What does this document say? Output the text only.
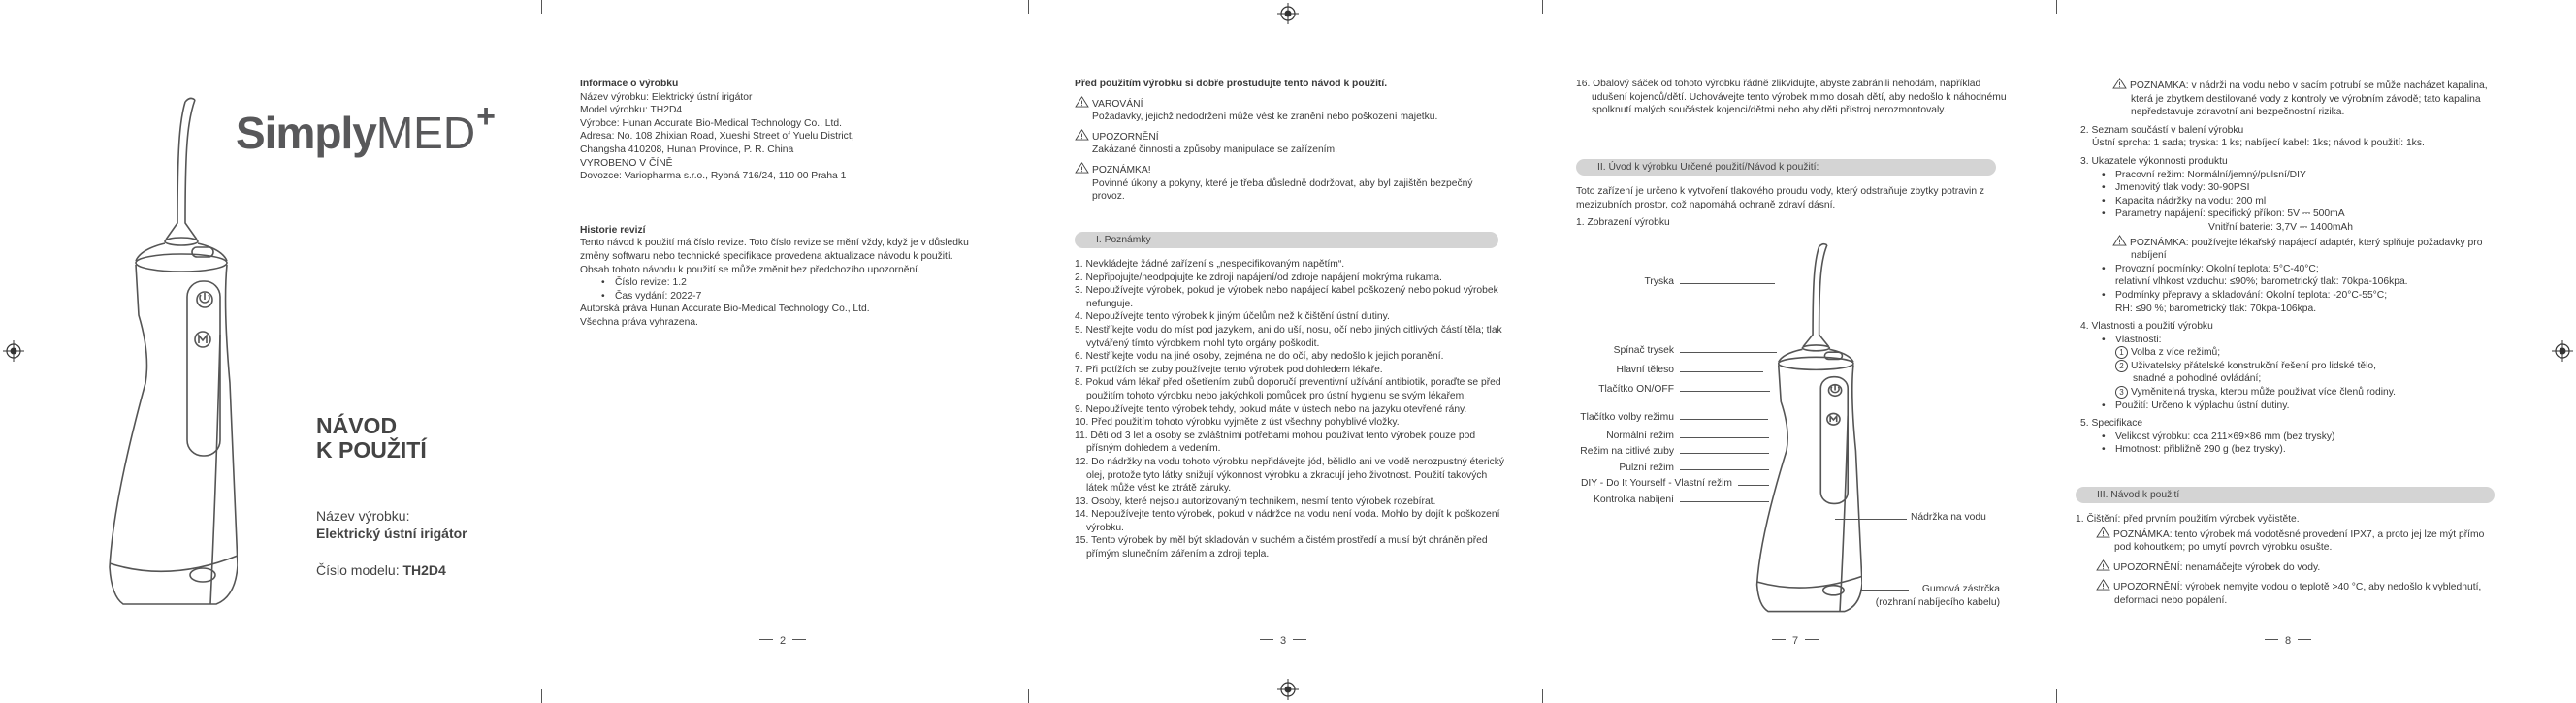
SimplyMED+
NÁVOD
K POUŽITÍ
Název výrobku:
Elektrický ústní irigátor
Číslo modelu: TH2D4
2
Informace o výrobku
Název výrobku: Elektrický ústní irigátor
Model výrobku: TH2D4
Výrobce: Hunan Accurate Bio-Medical Technology Co., Ltd.
Adresa: No. 108 Zhixian Road, Xueshi Street of Yuelu District,
Changsha 410208, Hunan Province, P. R. China
VYROBENO V ČÍNĚ
Dovozce: Variopharma s.r.o., Rybná 716/24, 110 00 Praha 1
Historie revizí
Tento návod k použití má číslo revize. Toto číslo revize se mění vždy, když je v důsledku změny softwaru nebo technické specifikace provedena aktualizace návodu k použití.
Obsah tohoto návodu k použití se může změnit bez předchozího upozornění.
• Číslo revize: 1.2
• Čas vydání: 2022-7
Autorská práva Hunan Accurate Bio-Medical Technology Co., Ltd.
Všechna práva vyhrazena.
Před použitím výrobku si dobře prostudujte tento návod k použití.
VAROVÁNÍ
Požadavky, jejichž nedodržení může vést ke zranění nebo poškození majetku.
UPOZORNĚNÍ
Zakázané činnosti a způsoby manipulace se zařízením.
POZNÁMKA!
Povinné úkony a pokyny, které je třeba důsledně dodržovat, aby byl zajištěn bezpečný provoz.
I. Poznámky
1. Nevkládejte žádné zařízení s „nespecifikovaným napětím“.
2. Nepřipojujte/neodpojujte ke zdroji napájení/od zdroje napájení mokrýma rukama.
3. Nepoužívejte výrobek, pokud je výrobek nebo napájecí kabel poškozený nebo pokud výrobek nefunguje.
4. Nepoužívejte tento výrobek k jiným účelům než k čištění ústní dutiny.
5. Nestříkejte vodu do míst pod jazykem, ani do uší, nosu, očí nebo jiných citlivých částí těla; tlak vytvářený tímto výrobkem mohl tyto orgány poškodit.
6. Nestříkejte vodu na jiné osoby, zejména ne do očí, aby nedošlo k jejich poranění.
7. Při potížích se zuby používejte tento výrobek pod dohledem lékaře.
8. Pokud vám lékař před ošetřením zubů doporučí preventivní užívání antibiotik, poraďte se před použitím tohoto výrobku nebo jakýchkoli pomůcek pro ústní hygienu se svým lékařem.
9. Nepoužívejte tento výrobek tehdy, pokud máte v ústech nebo na jazyku otevřené rány.
10. Před použitím tohoto výrobku vyjměte z úst všechny pohyblivé vložky.
11. Děti od 3 let a osoby se zvláštními potřebami mohou používat tento výrobek pouze pod přísným dohledem a vedením.
12. Do nádržky na vodu tohoto výrobku nepřidávejte jód, bělidlo ani ve vodě nerozpustný éterický olej, protože tyto látky snižují výkonnost výrobku a zkracují jeho životnost. Použití takových látek může vést ke ztrátě záruky.
13. Osoby, které nejsou autorizovaným technikem, nesmí tento výrobek rozebírat.
14. Nepoužívejte tento výrobek, pokud v nádržce na vodu není voda. Mohlo by dojít k poškození výrobku.
15. Tento výrobek by měl být skladován v suchém a čistém prostředí a musí být chráněn před přímým slunečním zářením a zdroji tepla.
3
16. Obalový sáček od tohoto výrobku řádně zlikvidujte, abyste zabránili nehodám, například udušení kojenců/dětí. Uchovávejte tento výrobek mimo dosah dětí, aby nedošlo k náhodnému spolknutí malých součástek kojenci/dětmi nebo aby děti přístroj nerozmontovaly.
II. Úvod k výrobku Určené použití/Návod k použití:
Toto zařízení je určeno k vytvoření tlakového proudu vody, který odstraňuje zbytky potravin z mezizubních prostor, což napomáhá ochraně zdraví dásní.
1. Zobrazení výrobku
Tryska
Spínač trysek
Hlavní těleso
Tlačítko ON/OFF
Tlačítko volby režimu
Normální režim
Režim na citlivé zuby
Pulzní režim
DIY - Do It Yourself - Vlastní režim
Kontrolka nabíjení
Nádržka na vodu
Gumová zástrčka
(rozhraní nabíjecího kabelu)
7
POZNÁMKA: v nádrži na vodu nebo v sacím potrubí se může nacházet kapalina, která je zbytkem destilované vody z kontroly ve výrobním závodě; tato kapalina nepředstavuje zdravotní ani bezpečnostní rizika.
2. Seznam součástí v balení výrobku
Ústní sprcha: 1 sada; tryska: 1 ks; nabíjecí kabel: 1ks; návod k použití: 1ks.
3. Ukazatele výkonnosti produktu
• Pracovní režim: Normální/jemný/pulsní/DIY
• Jmenovitý tlak vody: 30-90PSI
• Kapacita nádržky na vodu: 200 ml
• Parametry napájení: specifický příkon: 5V ⎓ 500mA
Vnitřní baterie: 3,7V ⎓ 1400mAh
POZNÁMKA: používejte lékařský napájecí adaptér, který splňuje požadavky pro nabíjení
• Provozní podmínky: Okolní teplota: 5°C-40°C;
relativní vlhkost vzduchu: ≤90%; barometrický tlak: 70kpa-106kpa.
• Podmínky přepravy a skladování: Okolní teplota: -20°C-55°C;
RH: ≤90 %; barometrický tlak: 70kpa-106kpa.
4. Vlastnosti a použití výrobku
• Vlastnosti:
1 Volba z více režimů;
2 Uživatelsky přátelské konstrukční řešení pro lidské tělo,
snadné a pohodlné ovládání;
3 Vyměnitelná tryska, kterou může používat více členů rodiny.
• Použití: Určeno k výplachu ústní dutiny.
5. Specifikace
• Velikost výrobku: cca 211×69×86 mm (bez trysky)
• Hmotnost: přibližně 290 g (bez trysky).
III. Návod k použití
1. Čištění: před prvním použitím výrobek vyčistěte.
POZNÁMKA: tento výrobek má vodotěsné provedení IPX7, a proto jej lze mýt přímo pod kohoutkem; po umytí povrch výrobku osušte.
UPOZORNĚNÍ: nenamáčejte výrobek do vody.
UPOZORNĚNÍ: výrobek nemyjte vodou o teplotě >40 °C, aby nedošlo k vyblednutí, deformaci nebo popálení.
8
